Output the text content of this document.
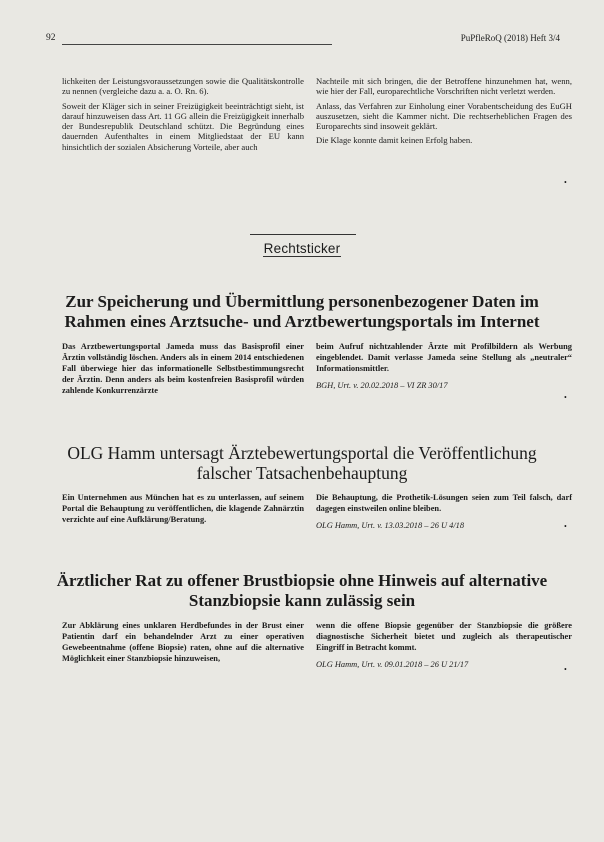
92	PuPfleRoQ (2018) Heft 3/4

lichkeiten der Leistungsvoraussetzungen sowie die Qualitätskontrolle zu nennen (vergleiche dazu a. a. O. Rn. 6).

Soweit der Kläger sich in seiner Freizügigkeit beeinträchtigt sieht, ist darauf hinzuweisen dass Art. 11 GG allein die Freizügigkeit innerhalb der Bundesrepublik Deutschland schützt. Die Begründung eines dauernden Aufenthaltes in einem Mitgliedstaat der EU kann hinsichtlich der sozialen Absicherung Vorteile, aber auch

Nachteile mit sich bringen, die der Betroffene hinzunehmen hat, wenn, wie hier der Fall, europarechtliche Vorschriften nicht verletzt werden.

Anlass, das Verfahren zur Einholung einer Vorabentscheidung des EuGH auszusetzen, sieht die Kammer nicht. Die rechtserheblichen Fragen des Europarechts sind insoweit geklärt.

Die Klage konnte damit keinen Erfolg haben.

•
Rechtsticker
Zur Speicherung und Übermittlung personenbezogener Daten im Rahmen eines Arztsuche- und Arztbewertungsportals im Internet
Das Arztbewertungsportal Jameda muss das Basisprofil einer Ärztin vollständig löschen. Anders als in einem 2014 entschiedenen Fall überwiege hier das informationelle Selbstbestimmungsrecht der Ärztin. Denn anders als beim kostenfreien Basisprofil würden zahlende Konkurrenzärzte
beim Aufruf nichtzahlender Ärzte mit Profilbildern als Werbung eingeblendet. Damit verlasse Jameda seine Stellung als „neutraler“ Informationsmittler.
BGH, Urt. v. 20.02.2018 – VI ZR 30/17
•
OLG Hamm untersagt Ärztebewertungsportal die Veröffentlichung falscher Tatsachenbehauptung
Ein Unternehmen aus München hat es zu unterlassen, auf seinem Portal die Behauptung zu veröffentlichen, die klagende Zahnärztin verzichte auf eine Aufklärung/Beratung.
Die Behauptung, die Prothetik-Lösungen seien zum Teil falsch, darf dagegen einstweilen online bleiben.
OLG Hamm, Urt. v. 13.03.2018 – 26 U 4/18	•
Ärztlicher Rat zu offener Brustbiopsie ohne Hinweis auf alternative Stanzbiopsie kann zulässig sein
Zur Abklärung eines unklaren Herdbefundes in der Brust einer Patientin darf ein behandelnder Arzt zu einer operativen Gewebeentnahme (offene Biopsie) raten, ohne auf die alternative Möglichkeit einer Stanzbiopsie hinzuweisen,
wenn die offene Biopsie gegenüber der Stanzbiopsie die größere diagnostische Sicherheit bietet und zugleich als therapeutischer Eingriff in Betracht kommt.
OLG Hamm, Urt. v. 09.01.2018 – 26 U 21/17
•
